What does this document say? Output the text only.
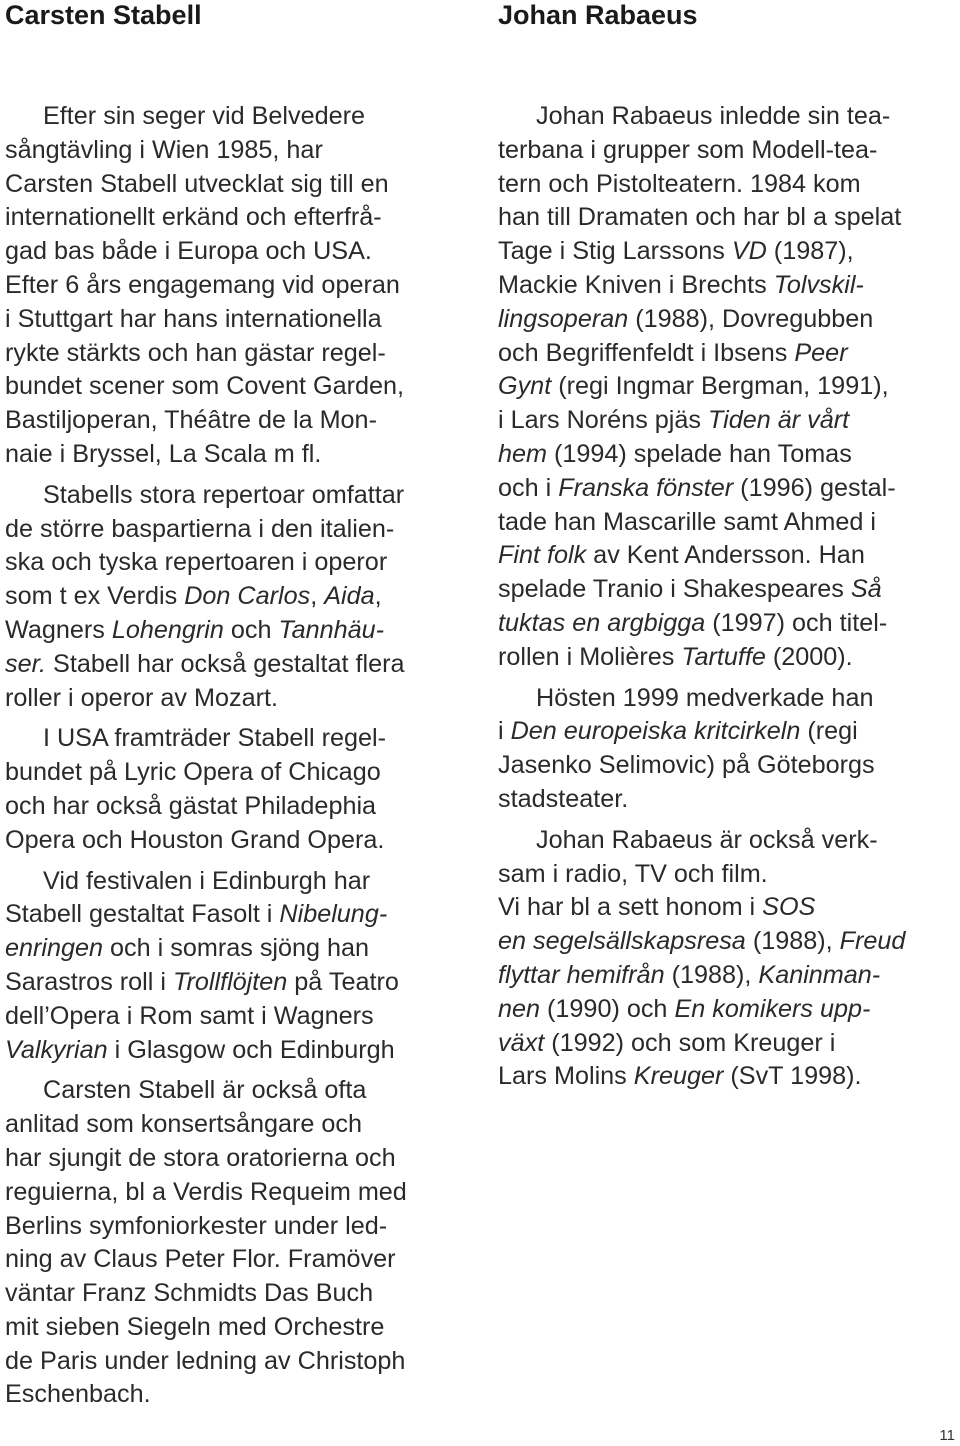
Carsten Stabell
Efter sin seger vid Belvedere
sångtävling i Wien 1985, har
Carsten Stabell utvecklat sig till en
internationellt erkänd och efterfrå-
gad bas både i Europa och USA.
Efter 6 års engagemang vid operan
i Stuttgart har hans internationella
rykte stärkts och han gästar regel-
bundet scener som Covent Garden,
Bastiljoperan, Théâtre de la Mon-
naie i Bryssel, La Scala m fl.
Stabells stora repertoar omfattar
de större baspartierna i den italien-
ska och tyska repertoaren i operor
som t ex Verdis Don Carlos, Aida,
Wagners Lohengrin och Tannhäu-
ser. Stabell har också gestaltat flera
roller i operor av Mozart.
I USA framträder Stabell regel-
bundet på Lyric Opera of Chicago
och har också gästat Philadephia
Opera och Houston Grand Opera.
Vid festivalen i Edinburgh har
Stabell gestaltat Fasolt i Nibelung-
enringen och i somras sjöng han
Sarastros roll i Trollflöjten på Teatro
dell’Opera i Rom samt i Wagners
Valkyrian i Glasgow och Edinburgh
Carsten Stabell är också ofta
anlitad som konsertsångare och
har sjungit de stora oratorierna och
reguierna, bl a Verdis Requeim med
Berlins symfoniorkester under led-
ning av Claus Peter Flor. Framöver
väntar Franz Schmidts Das Buch
mit sieben Siegeln med Orchestre
de Paris under ledning av Christoph
Eschenbach.
Johan Rabaeus
Johan Rabaeus inledde sin tea-
terbana i grupper som Modell-tea-
tern och Pistolteatern. 1984 kom
han till Dramaten och har bl a spelat
Tage i Stig Larssons VD (1987),
Mackie Kniven i Brechts Tolvskil-
lingsoperan (1988), Dovregubben
och Begriffenfeldt i Ibsens Peer
Gynt (regi Ingmar Bergman, 1991),
i Lars Noréns pjäs Tiden är vårt
hem (1994) spelade han Tomas
och i Franska fönster (1996) gestal-
tade han Mascarille samt Ahmed i
Fint folk av Kent Andersson. Han
spelade Tranio i Shakespeares Så
tuktas en argbigga (1997) och titel-
rollen i Molières Tartuffe (2000).
Hösten 1999 medverkade han
i Den europeiska kritcirkeln (regi
Jasenko Selimovic) på Göteborgs
stadsteater.
Johan Rabaeus är också verk-
sam i radio, TV och film.
Vi har bl a sett honom i SOS
en segelsällskapsresa (1988), Freud
flyttar hemifrån (1988), Kaninman-
nen (1990) och En komikers upp-
växt (1992) och som Kreuger i
Lars Molins Kreuger (SvT 1998).
11
